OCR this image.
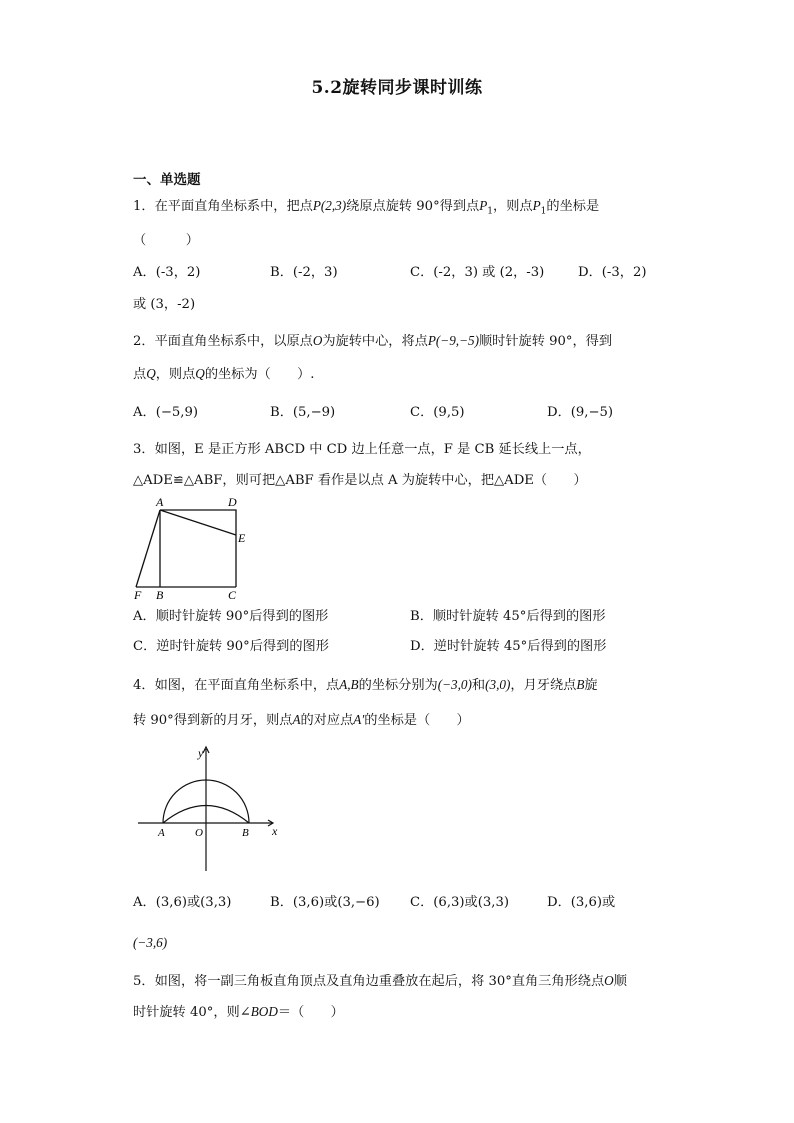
5.2旋转同步课时训练
一、单选题
1．在平面直角坐标系中，把点P(2,3)绕原点旋转 90°得到点$P_1$，则点$P_1$的坐标是
（　　　）
A．(-3，2)	B．(-2，3)	C．(-2，3) 或 (2，-3)	D．(-3，2)
或 (3，-2)
2．平面直角坐标系中，以原点O为旋转中心，将点P(−9,−5)顺时针旋转 90°，得到
点Q，则点Q的坐标为（　　）.
A．(−5,9)	B．(5,−9)	C．(9,5)	D．(9,−5)
3．如图，E 是正方形 ABCD 中 CD 边上任意一点，F 是 CB 延长线上一点，
△ADE≌△ABF，则可把△ABF 看作是以点 A 为旋转中心，把△ADE（　　）
A	D
E
F B	C
A．顺时针旋转 90°后得到的图形	B．顺时针旋转 45°后得到的图形
C．逆时针旋转 90°后得到的图形	D．逆时针旋转 45°后得到的图形
4．如图，在平面直角坐标系中，点A,B的坐标分别为(−3,0)和(3,0)，月牙绕点B旋
转 90°得到新的月牙，则点A的对应点A′的坐标是（　　）
y
x
A	O	B
A．(3,6)或(3,3)	B．(3,6)或(3,−6) C．(6,3)或(3,3)	D．(3,6)或
(−3,6)
5．如图，将一副三角板直角顶点及直角边重叠放在起后，将 30°直角三角形绕点O顺
时针旋转 40°，则∠BOD＝（　　）
